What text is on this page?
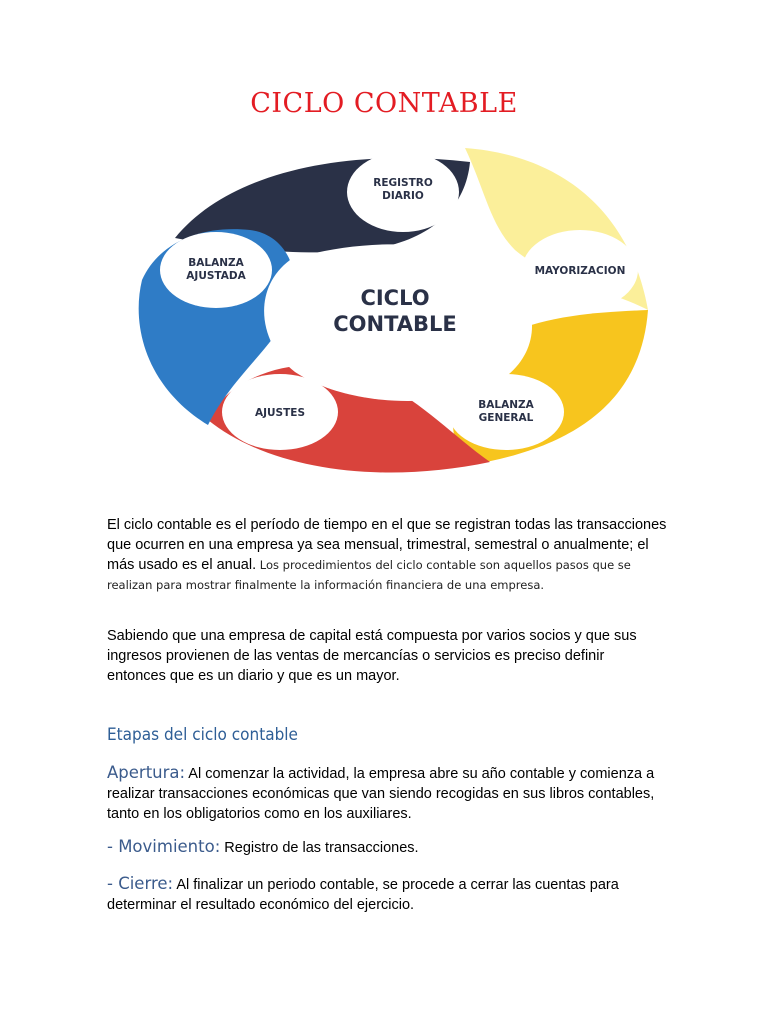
CICLO CONTABLE
REGISTRO
DIARIO
MAYORIZACION
BALANZA
GENERAL
AJUSTES
BALANZA
AJUSTADA
CICLO
CONTABLE

El ciclo contable es el período de tiempo en el que se registran todas las transacciones que ocurren en una empresa ya sea mensual, trimestral, semestral o anualmente; el más usado es el anual. Los procedimientos del ciclo contable son aquellos pasos que se realizan para mostrar finalmente la información financiera de una empresa.

Sabiendo que una empresa de capital está compuesta por varios socios y que sus ingresos provienen de las ventas de mercancías o servicios es preciso definir entonces que es un diario y que es un mayor.

Etapas del ciclo contable

Apertura: Al comenzar la actividad, la empresa abre su año contable y comienza a realizar transacciones económicas que van siendo recogidas en sus libros contables, tanto en los obligatorios como en los auxiliares.

- Movimiento: Registro de las transacciones.

- Cierre: Al finalizar un periodo contable, se procede a cerrar las cuentas para determinar el resultado económico del ejercicio.
